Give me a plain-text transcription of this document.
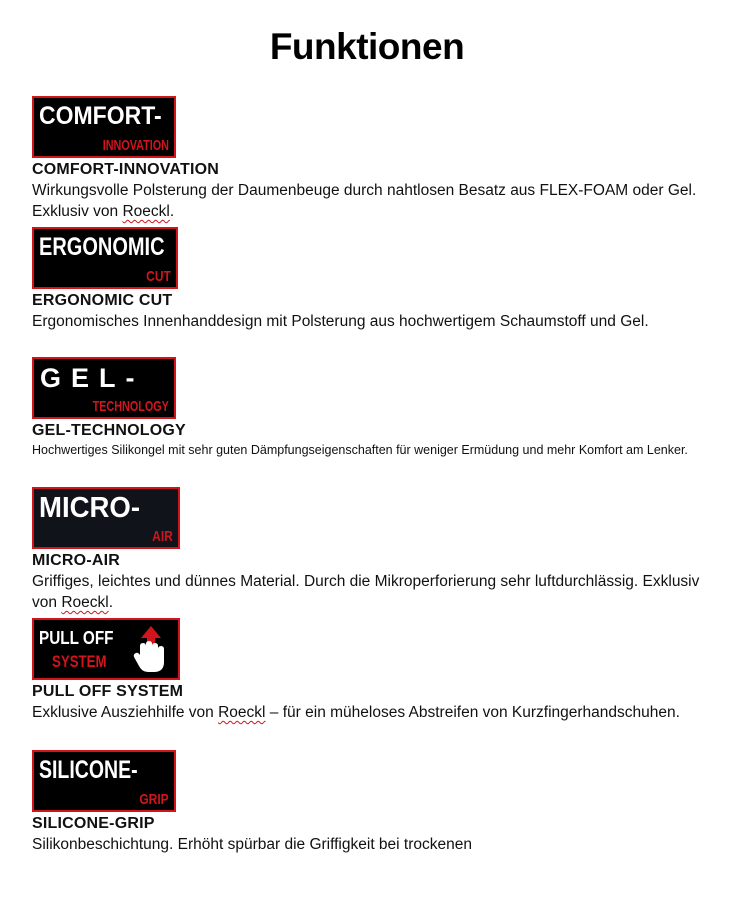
Funktionen
COMFORT-
INNOVATION
COMFORT-INNOVATION

Wirkungsvolle Polsterung der Daumenbeuge durch nahtlosen Besatz aus FLEX-FOAM oder Gel. Exklusiv von Roeckl.

ERGONOMIC
CUT
ERGONOMIC CUT

Ergonomisches Innenhanddesign mit Polsterung aus hochwertigem Schaumstoff und Gel.

GEL-
TECHNOLOGY
GEL-TECHNOLOGY

Hochwertiges Silikongel mit sehr guten Dämpfungseigenschaften für weniger Ermüdung und mehr Komfort am Lenker.

MICRO-
AIR
MICRO-AIR

Griffiges, leichtes und dünnes Material. Durch die Mikroperforierung sehr luftdurchlässig. Exklusiv von Roeckl.

PULL OFF
SYSTEM
PULL OFF SYSTEM

Exklusive Ausziehhilfe von Roeckl – für ein müheloses Abstreifen von Kurzfingerhandschuhen.

SILICONE-
GRIP
SILICONE-GRIP

Silikonbeschichtung. Erhöht spürbar die Griffigkeit bei trockenen
